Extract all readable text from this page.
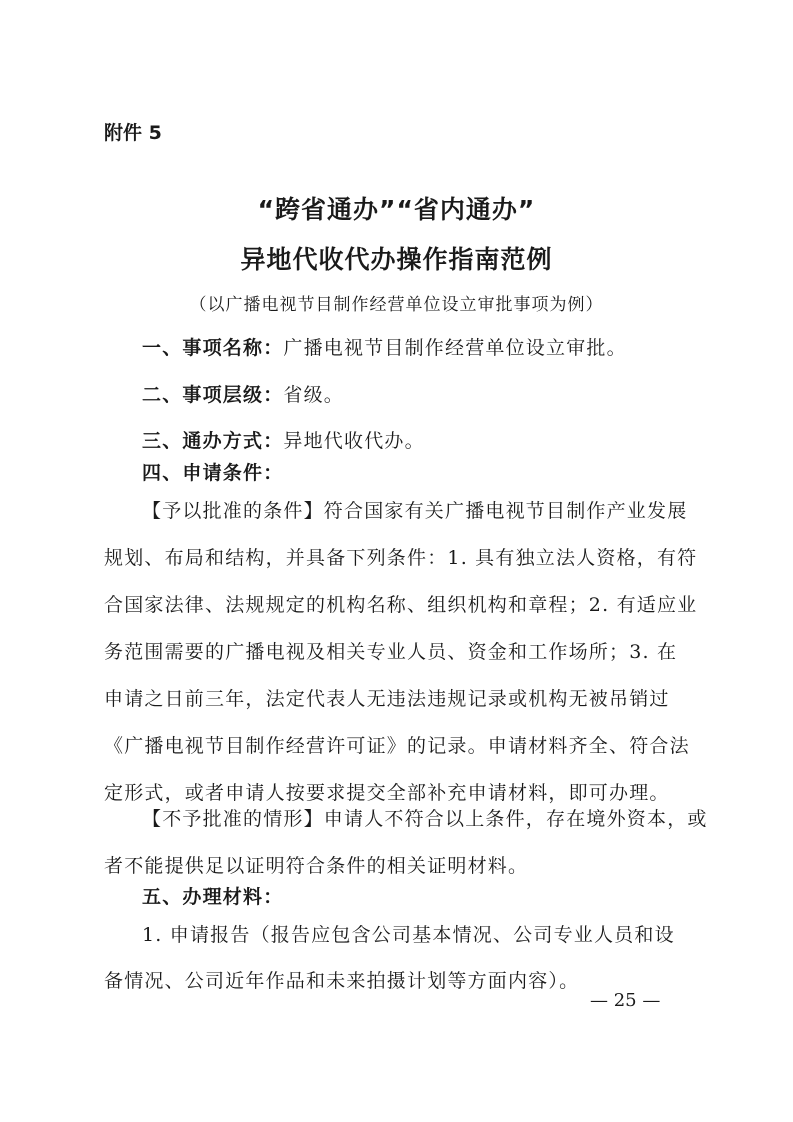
附件 5
“跨省通办”“省内通办”
异地代收代办操作指南范例
（以广播电视节目制作经营单位设立审批事项为例）
一、事项名称：广播电视节目制作经营单位设立审批。
二、事项层级：省级。
三、通办方式：异地代收代办。
四、申请条件：
【予以批准的条件】符合国家有关广播电视节目制作产业发展
规划、布局和结构，并具备下列条件：1. 具有独立法人资格，有符
合国家法律、法规规定的机构名称、组织机构和章程；2. 有适应业
务范围需要的广播电视及相关专业人员、资金和工作场所；3. 在
申请之日前三年，法定代表人无违法违规记录或机构无被吊销过
《广播电视节目制作经营许可证》的记录。申请材料齐全、符合法
定形式，或者申请人按要求提交全部补充申请材料，即可办理。
【不予批准的情形】申请人不符合以上条件，存在境外资本，或
者不能提供足以证明符合条件的相关证明材料。
五、办理材料：
1. 申请报告（报告应包含公司基本情况、公司专业人员和设
备情况、公司近年作品和未来拍摄计划等方面内容）。
— 25 —
